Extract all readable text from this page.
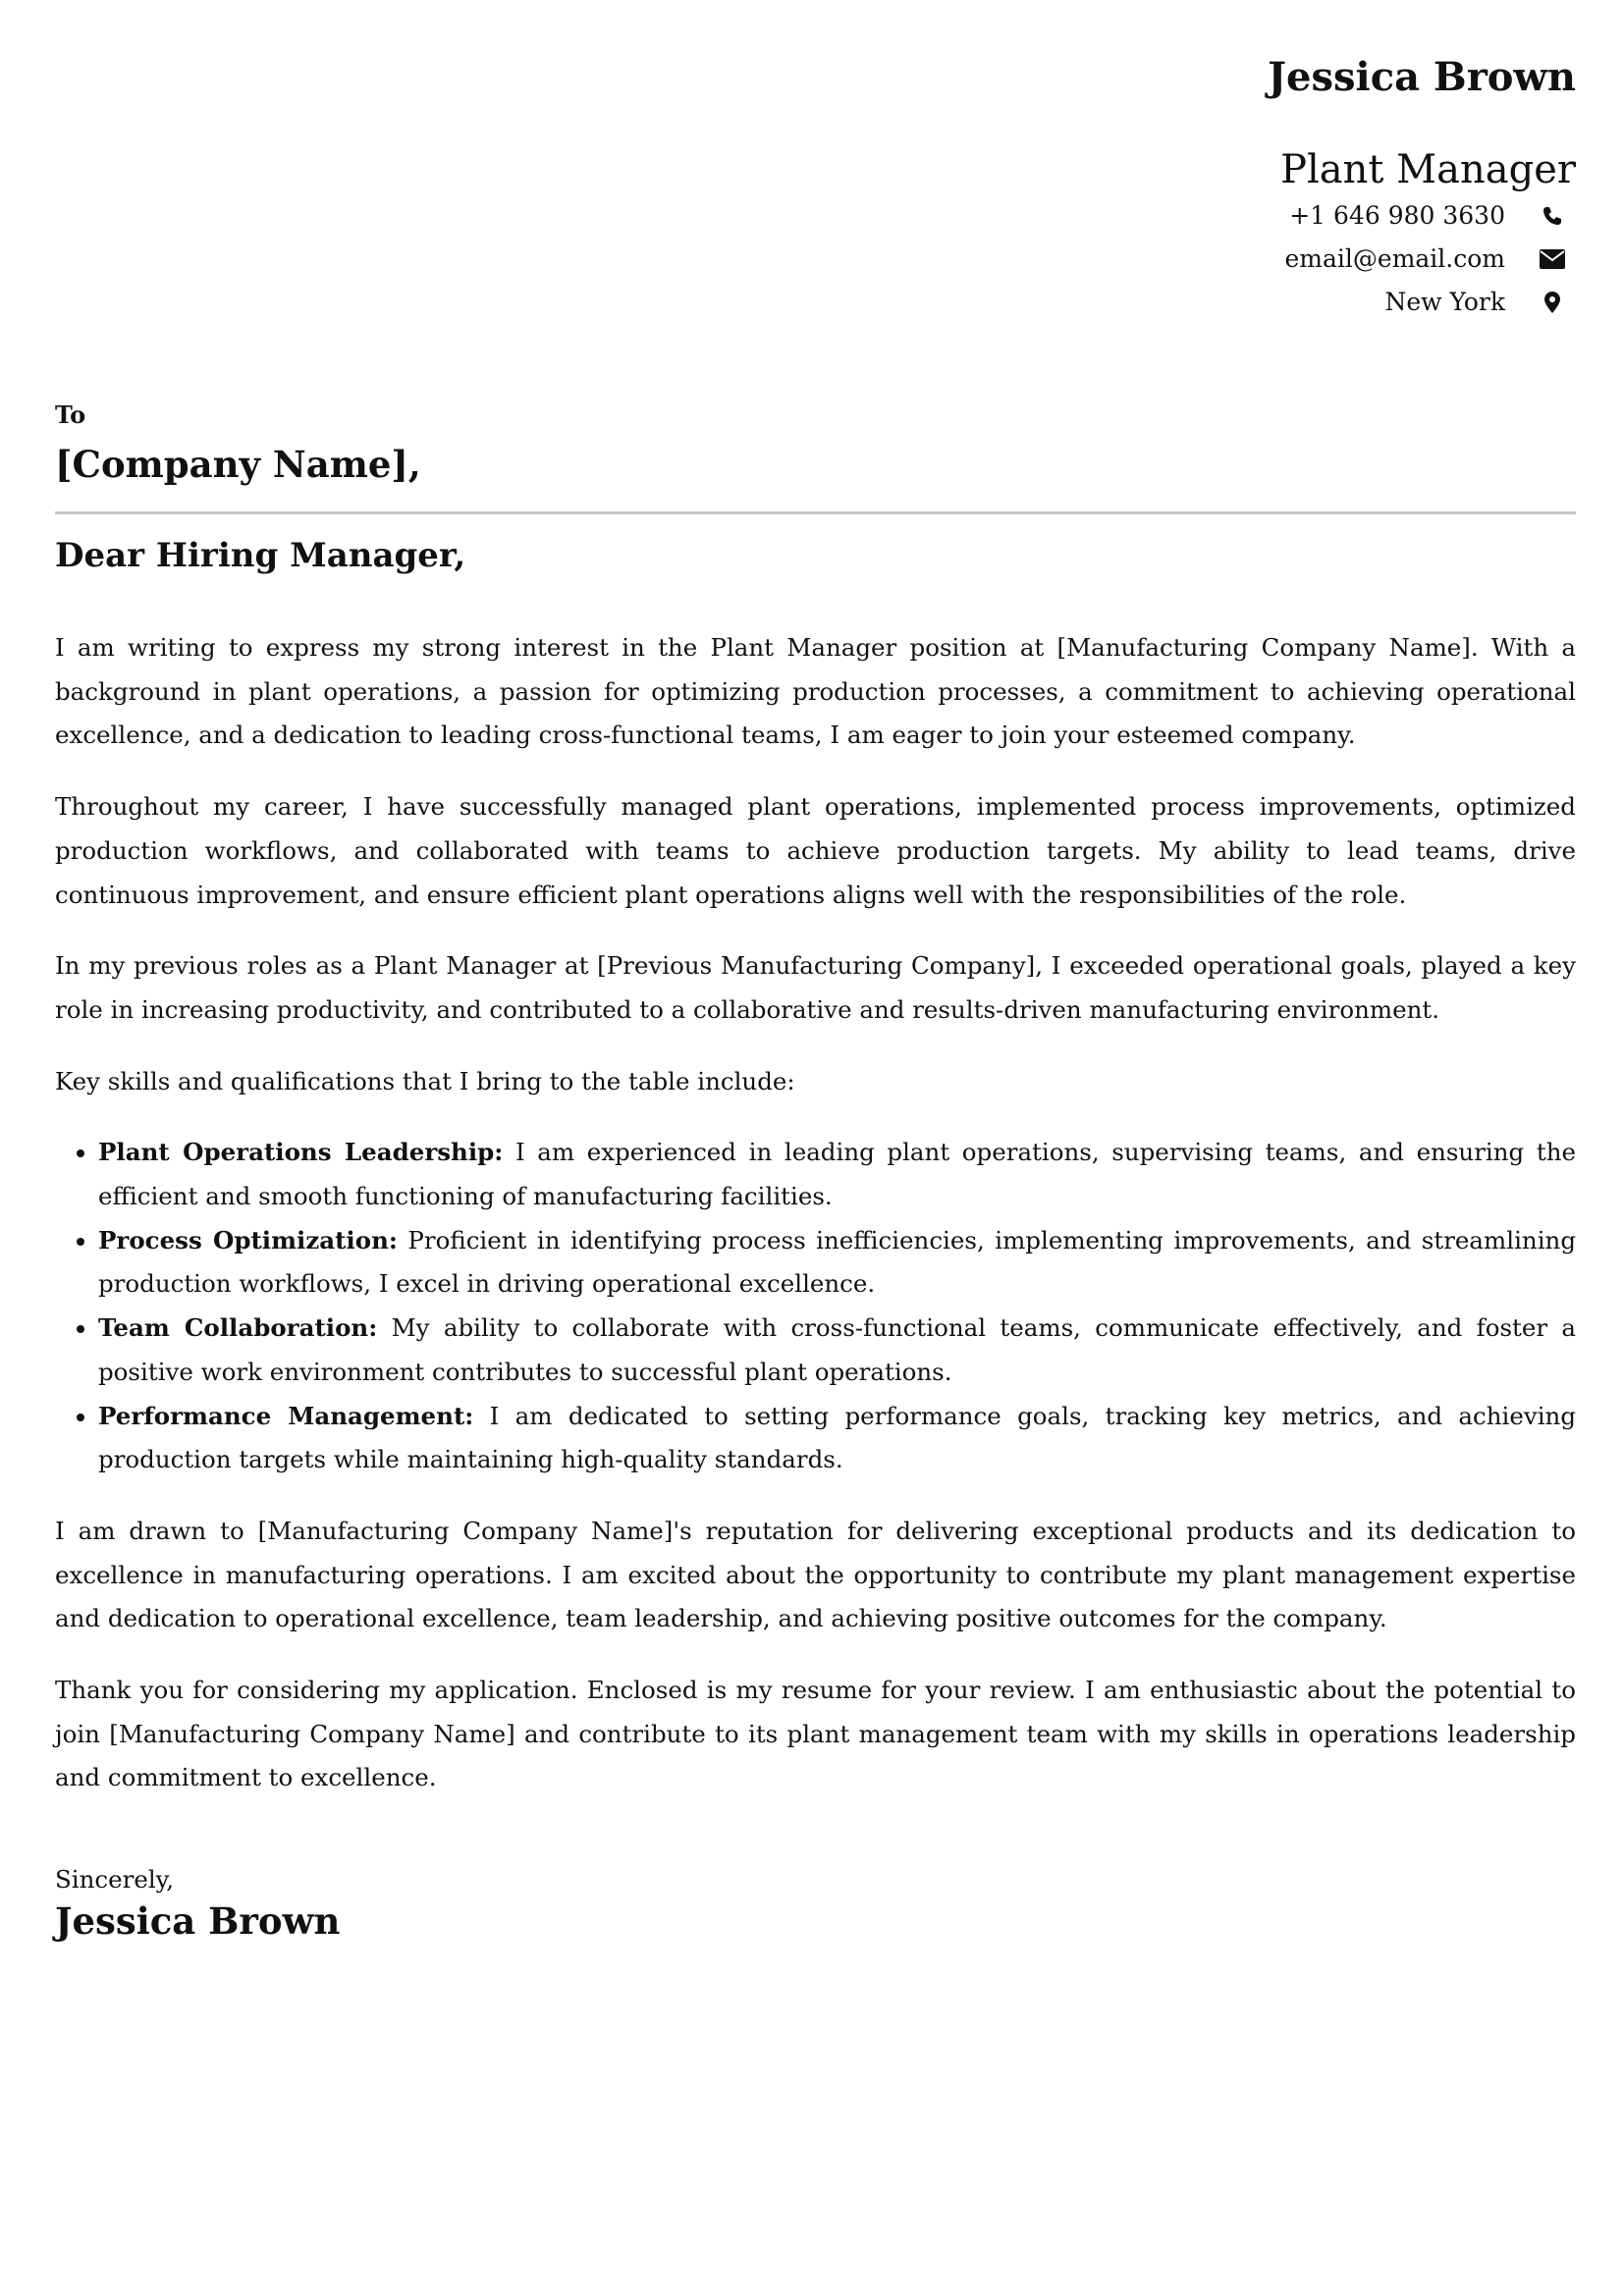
Jessica Brown
Plant Manager
+1 646 980 3630
email@email.com
New York
To
[Company Name],
Dear Hiring Manager,

I am writing to express my strong interest in the Plant Manager position at [Manufacturing Company Name]. With a background in plant operations, a passion for optimizing production processes, a commitment to achieving operational excellence, and a dedication to leading cross-functional teams, I am eager to join your esteemed company.

Throughout my career, I have successfully managed plant operations, implemented process improvements, optimized production workflows, and collaborated with teams to achieve production targets. My ability to lead teams, drive continuous improvement, and ensure efficient plant operations aligns well with the responsibilities of the role.

In my previous roles as a Plant Manager at [Previous Manufacturing Company], I exceeded operational goals, played a key role in increasing productivity, and contributed to a collaborative and results-driven manufacturing environment.

Key skills and qualifications that I bring to the table include:

• Plant Operations Leadership: I am experienced in leading plant operations, supervising teams, and ensuring the efficient and smooth functioning of manufacturing facilities.
• Process Optimization: Proficient in identifying process inefficiencies, implementing improvements, and streamlining production workflows, I excel in driving operational excellence.
• Team Collaboration: My ability to collaborate with cross-functional teams, communicate effectively, and foster a positive work environment contributes to successful plant operations.
• Performance Management: I am dedicated to setting performance goals, tracking key metrics, and achieving production targets while maintaining high-quality standards.

I am drawn to [Manufacturing Company Name]'s reputation for delivering exceptional products and its dedication to excellence in manufacturing operations. I am excited about the opportunity to contribute my plant management expertise and dedication to operational excellence, team leadership, and achieving positive outcomes for the company.

Thank you for considering my application. Enclosed is my resume for your review. I am enthusiastic about the potential to join [Manufacturing Company Name] and contribute to its plant management team with my skills in operations leadership and commitment to excellence.

Sincerely,
Jessica Brown
